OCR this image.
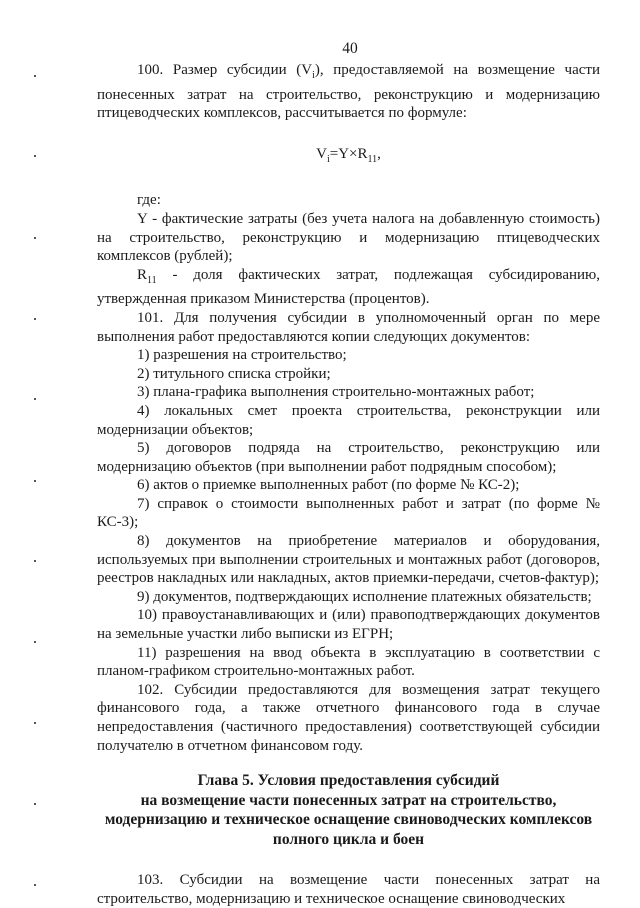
40

100. Размер субсидии $(V_i)$, предоставляемой на возмещение части понесенных затрат на строительство, реконструкцию и модернизацию птицеводческих комплексов, рассчитывается по формуле:

$V_i=Y\times R_{11}$,

где:

Y - фактические затраты (без учета налога на добавленную стоимость) на строительство, реконструкцию и модернизацию птицеводческих комплексов (рублей);

$R_{11}$ - доля фактических затрат, подлежащая субсидированию, утвержденная приказом Министерства (процентов).

101. Для получения субсидии в уполномоченный орган по мере выполнения работ предоставляются копии следующих документов:

1) разрешения на строительство;

2) титульного списка стройки;

3) плана-графика выполнения строительно-монтажных работ;

4) локальных смет проекта строительства, реконструкции или модернизации объектов;

5) договоров подряда на строительство, реконструкцию или модернизацию объектов (при выполнении работ подрядным способом);

6) актов о приемке выполненных работ (по форме № КС-2);

7) справок о стоимости выполненных работ и затрат (по форме № КС-3);

8) документов на приобретение материалов и оборудования, используемых при выполнении строительных и монтажных работ (договоров, реестров накладных или накладных, актов приемки-передачи, счетов-фактур);

9) документов, подтверждающих исполнение платежных обязательств;

10) правоустанавливающих и (или) правоподтверждающих документов на земельные участки либо выписки из ЕГРН;

11) разрешения на ввод объекта в эксплуатацию в соответствии с планом-графиком строительно-монтажных работ.

102. Субсидии предоставляются для возмещения затрат текущего финансового года, а также отчетного финансового года в случае непредоставления (частичного предоставления) соответствующей субсидии получателю в отчетном финансовом году.

Глава 5. Условия предоставления субсидий
на возмещение части понесенных затрат на строительство,
модернизацию и техническое оснащение свиноводческих комплексов
полного цикла и боен

103. Субсидии на возмещение части понесенных затрат на строительство, модернизацию и техническое оснащение свиноводческих
